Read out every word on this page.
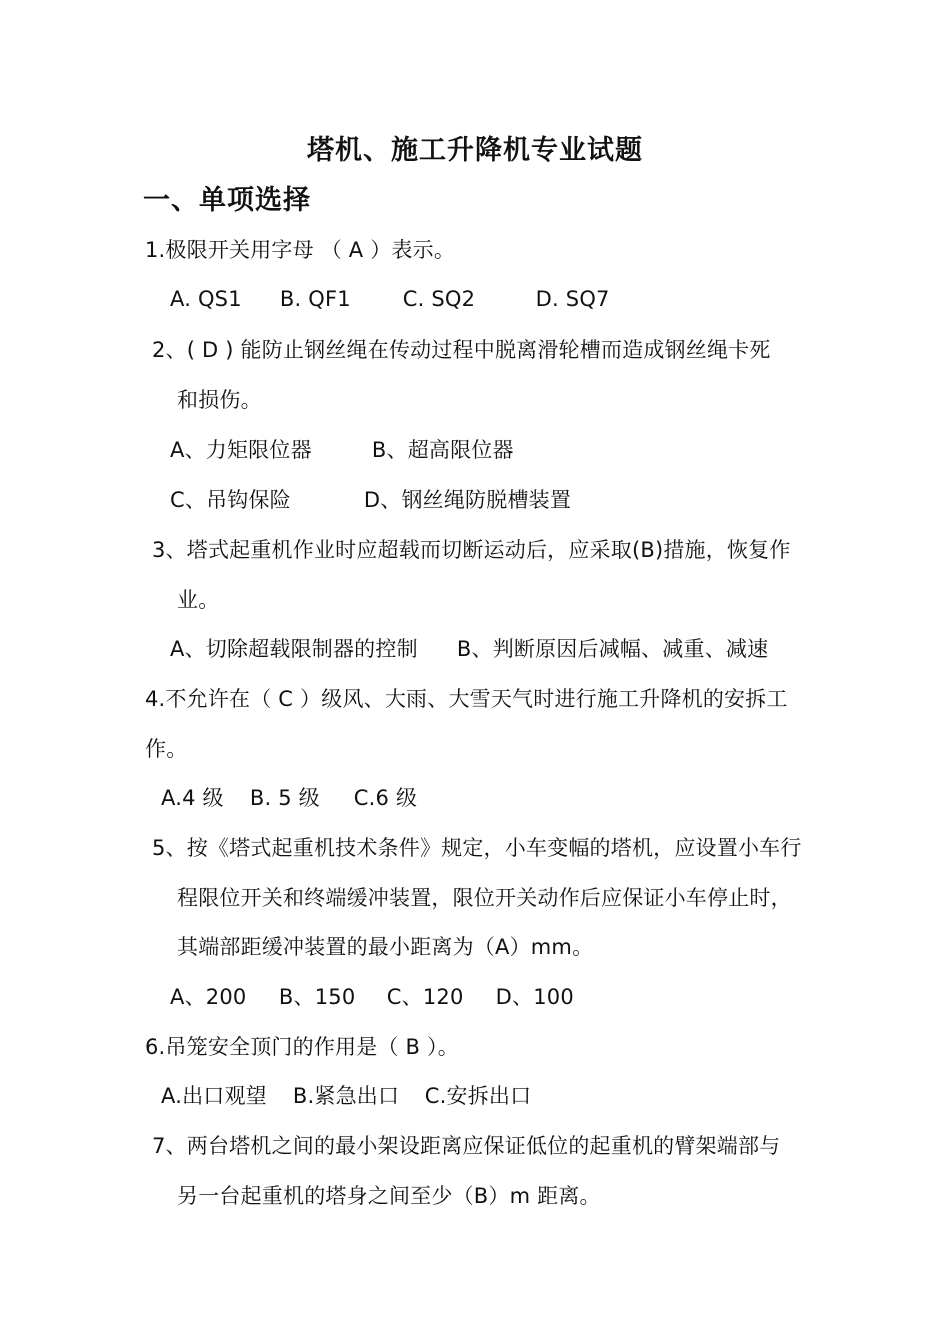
塔机、施工升降机专业试题
一、单项选择
1.极限开关用字母 （ A ）表示。
A. QS1 B. QF1 C. SQ2	D. SQ7
2、( D ) 能防止钢丝绳在传动过程中脱离滑轮槽而造成钢丝绳卡死
和损伤。
A、力矩限位器	B、超高限位器
C、吊钩保险	D、钢丝绳防脱槽装置
3、塔式起重机作业时应超载而切断运动后，应采取(B)措施，恢复作
业。
A、切除超载限制器的控制 B、判断原因后减幅、减重、减速
4.不允许在（ C ）级风、大雨、大雪天气时进行施工升降机的安拆工
作。
A.4 级 B. 5 级 C.6 级
5、按《塔式起重机技术条件》规定，小车变幅的塔机，应设置小车行
程限位开关和终端缓冲装置，限位开关动作后应保证小车停止时，
其端部距缓冲装置的最小距离为（A）mm。
A、200 B、150 C、120 D、100
6.吊笼安全顶门的作用是（ B ）。
A.出口观望 B.紧急出口 C.安拆出口
7、两台塔机之间的最小架设距离应保证低位的起重机的臂架端部与
另一台起重机的塔身之间至少（B）m 距离。
